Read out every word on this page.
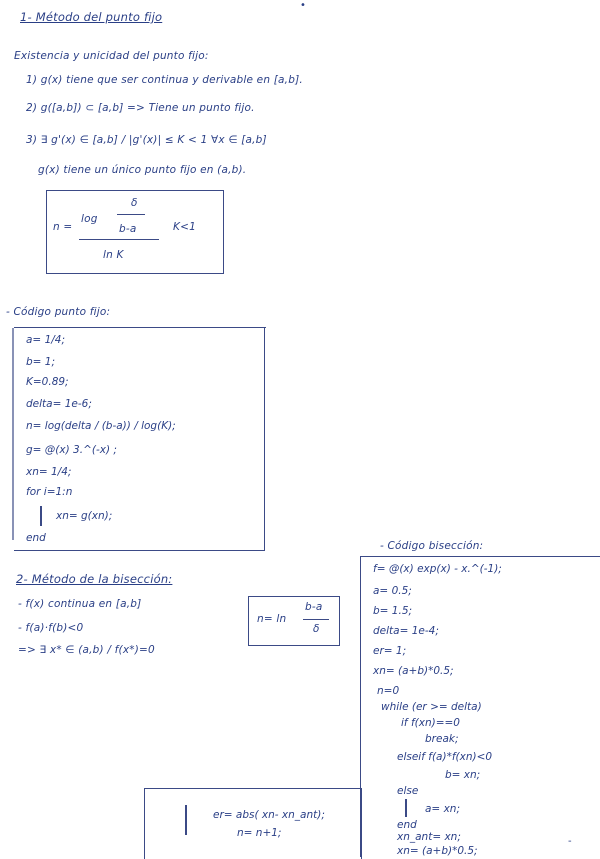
1- Método del punto fijo
Existencia y unicidad del punto fijo:
1) g(x) tiene que ser continua y derivable en [a,b].
2) g([a,b]) ⊂ [a,b] => Tiene un punto fijo.
3) ∃ g'(x) ∈ [a,b] / |g'(x)| ≤ K < 1 ∀x ∈ [a,b]
g(x) tiene un único punto fijo en (a,b).
n =
log
δ
b-a
ln K
K<1
- Código punto fijo:
a= 1/4;
b= 1;
K=0.89;
delta= 1e-6;
n= log(delta / (b-a)) / log(K);
g= @(x) 3.^(-x) ;
xn= 1/4;
for i=1:n
xn= g(xn);
end
2- Método de la bisección:
- f(x) continua en [a,b]
- f(a)·f(b)<0
=> ∃ x* ∈ (a,b) / f(x*)=0
n= ln
b-a
δ
- Código bisección:
f= @(x) exp(x) - x.^(-1);
a= 0.5;
b= 1.5;
delta= 1e-4;
er= 1;
xn= (a+b)*0.5;
n=0
while (er >= delta)
if f(xn)==0
break;
elseif f(a)*f(xn)<0
b= xn;
else
a= xn;
end
xn_ant= xn;
xn= (a+b)*0.5;
er= abs( xn- xn_ant);
n= n+1;
•
-
